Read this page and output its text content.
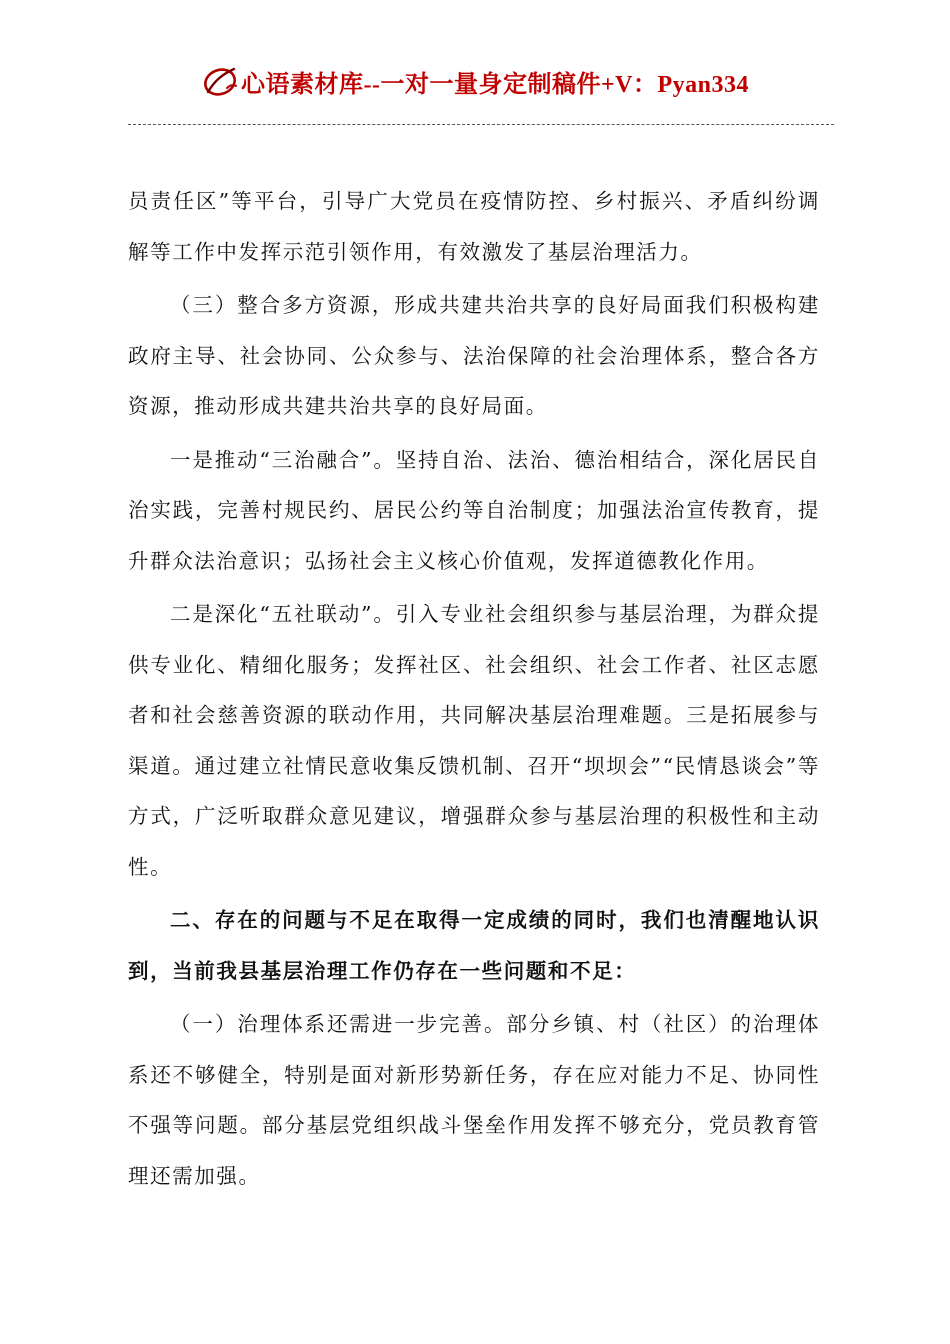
心语素材库--一对一量身定制稿件+V：Pyan334

员责任区”等平台，引导广大党员在疫情防控、乡村振兴、矛盾纠纷调解等工作中发挥示范引领作用，有效激发了基层治理活力。

（三）整合多方资源，形成共建共治共享的良好局面我们积极构建政府主导、社会协同、公众参与、法治保障的社会治理体系，整合各方资源，推动形成共建共治共享的良好局面。

一是推动“三治融合”。坚持自治、法治、德治相结合，深化居民自治实践，完善村规民约、居民公约等自治制度；加强法治宣传教育，提升群众法治意识；弘扬社会主义核心价值观，发挥道德教化作用。

二是深化“五社联动”。引入专业社会组织参与基层治理，为群众提供专业化、精细化服务；发挥社区、社会组织、社会工作者、社区志愿者和社会慈善资源的联动作用，共同解决基层治理难题。三是拓展参与渠道。通过建立社情民意收集反馈机制、召开“坝坝会”“民情恳谈会”等方式，广泛听取群众意见建议，增强群众参与基层治理的积极性和主动性。

二、存在的问题与不足在取得一定成绩的同时，我们也清醒地认识到，当前我县基层治理工作仍存在一些问题和不足：

（一）治理体系还需进一步完善。部分乡镇、村（社区）的治理体系还不够健全，特别是面对新形势新任务，存在应对能力不足、协同性不强等问题。部分基层党组织战斗堡垒作用发挥不够充分，党员教育管理还需加强。
